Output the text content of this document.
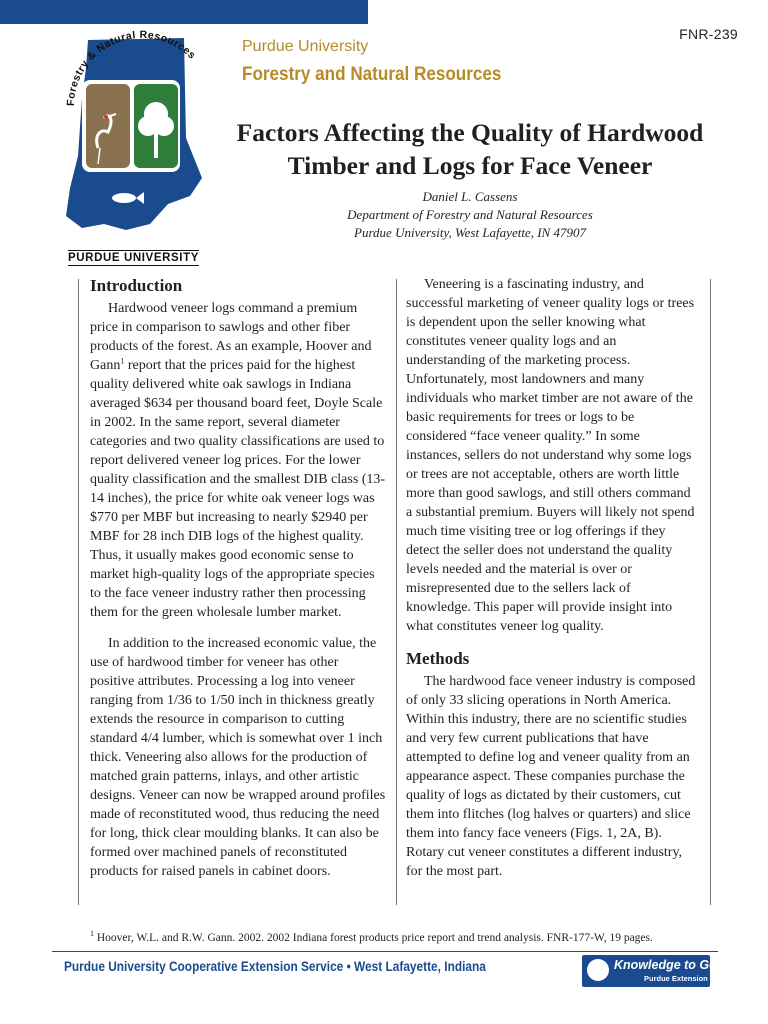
FNR-239
Forestry & Natural Resources
PURDUE UNIVERSITY
Purdue University
Forestry and Natural Resources
Factors Affecting the Quality of Hardwood
Timber and Logs for Face Veneer
Daniel L. Cassens
Department of Forestry and Natural Resources
Purdue University, West Lafayette, IN 47907
Introduction

Hardwood veneer logs command a premium price in comparison to sawlogs and other fiber products of the forest. As an example, Hoover and Gann$^1$ report that the prices paid for the highest quality delivered white oak sawlogs in Indiana averaged $634 per thousand board feet, Doyle Scale in 2002. In the same report, several diameter categories and two quality classifications are used to report delivered veneer log prices. For the lower quality classification and the smallest DIB class (13-14 inches), the price for white oak veneer logs was $770 per MBF but increasing to nearly $2940 per MBF for 28 inch DIB logs of the highest quality. Thus, it usually makes good economic sense to market high-quality logs of the appropriate species to the face veneer industry rather then processing them for the green wholesale lumber market.

In addition to the increased economic value, the use of hardwood timber for veneer has other positive attributes. Processing a log into veneer ranging from 1/36 to 1/50 inch in thickness greatly extends the resource in comparison to cutting standard 4/4 lumber, which is somewhat over 1 inch thick. Veneering also allows for the production of matched grain patterns, inlays, and other artistic designs. Veneer can now be wrapped around profiles made of reconstituted wood, thus reducing the need for long, thick clear moulding blanks. It can also be formed over machined panels of reconstituted products for raised panels in cabinet doors.

Veneering is a fascinating industry, and successful marketing of veneer quality logs or trees is dependent upon the seller knowing what constitutes veneer quality logs and an understanding of the marketing process. Unfortunately, most landowners and many individuals who market timber are not aware of the basic requirements for trees or logs to be considered “face veneer quality.” In some instances, sellers do not understand why some logs or trees are not acceptable, others are worth little more than good sawlogs, and still others command a substantial premium. Buyers will likely not spend much time visiting tree or log offerings if they detect the seller does not understand the quality levels needed and the material is over or misrepresented due to the sellers lack of knowledge. This paper will provide insight into what constitutes veneer log quality.

Methods

The hardwood face veneer industry is composed of only 33 slicing operations in North America. Within this industry, there are no scientific studies and very few current publications that have attempted to define log and veneer quality from an appearance aspect. These companies purchase the quality of logs as dictated by their customers, cut them into flitches (log halves or quarters) and slice them into fancy face veneers (Figs. 1, 2A, B). Rotary cut veneer constitutes a different industry, for the most part.

$^1$ Hoover, W.L. and R.W. Gann. 2002. 2002 Indiana forest products price report and trend analysis. FNR-177-W, 19 pages.
Purdue University Cooperative Extension Service • West Lafayette, Indiana	Knowledge to Go
Purdue Extension
